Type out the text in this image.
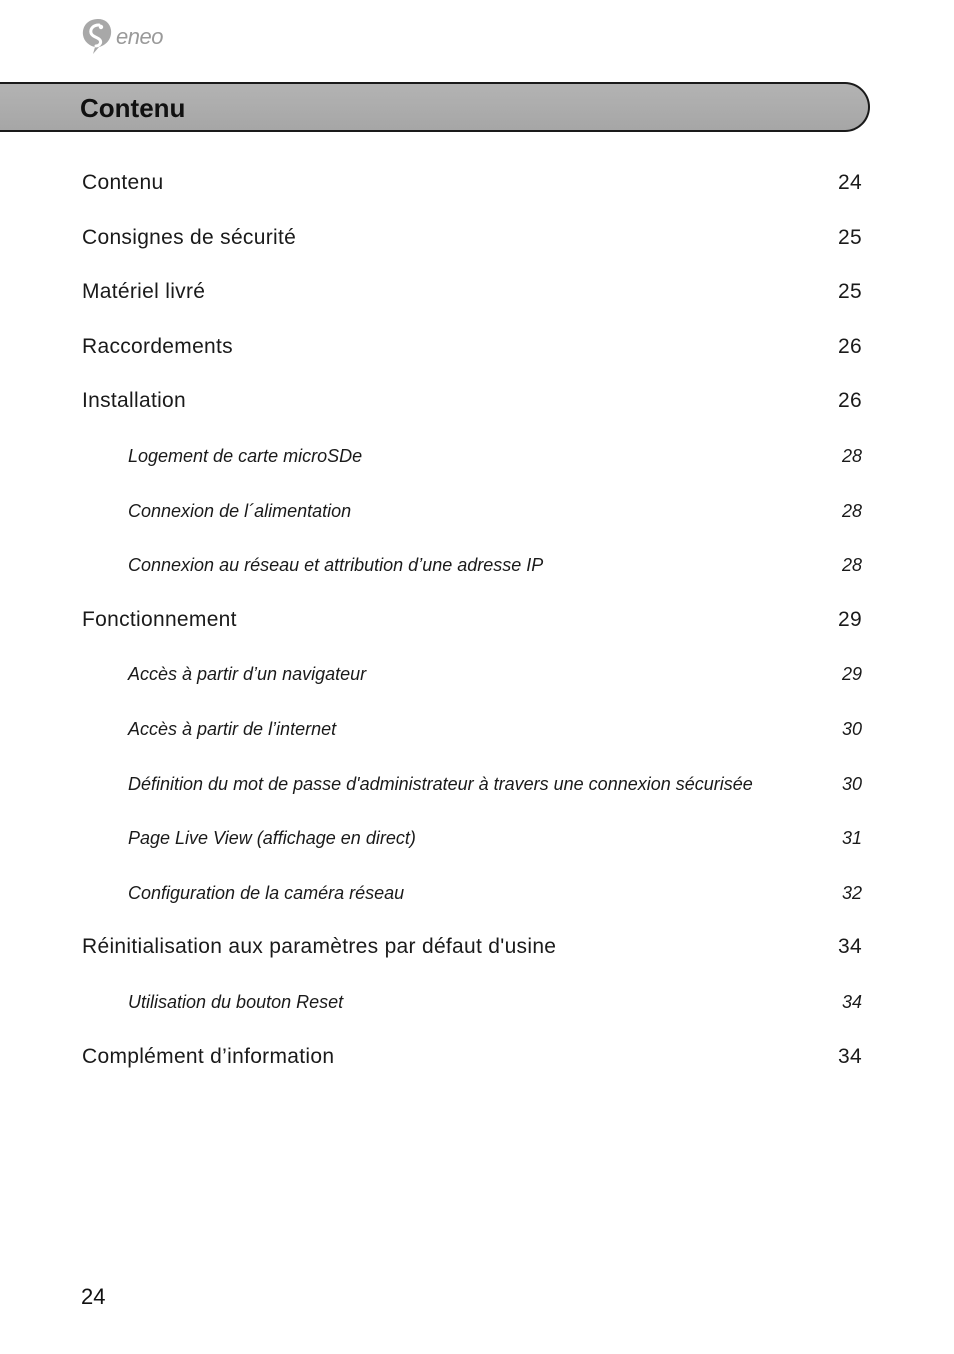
eneo
Contenu
Contenu	24
Consignes de sécurité	25
Matériel livré	25
Raccordements	26
Installation	26
Logement de carte microSDe	28
Connexion de l´alimentation	28
Connexion au réseau et attribution d’une adresse IP	28
Fonctionnement	29
Accès à partir d’un navigateur	29
Accès à partir de l’internet	30
Définition du mot de passe d'administrateur à travers une connexion sécurisée	30
Page Live View (affichage en direct)	31
Configuration de la caméra réseau	32
Réinitialisation aux paramètres par défaut d'usine	34
Utilisation du bouton Reset	34
Complément d’information	34
24
